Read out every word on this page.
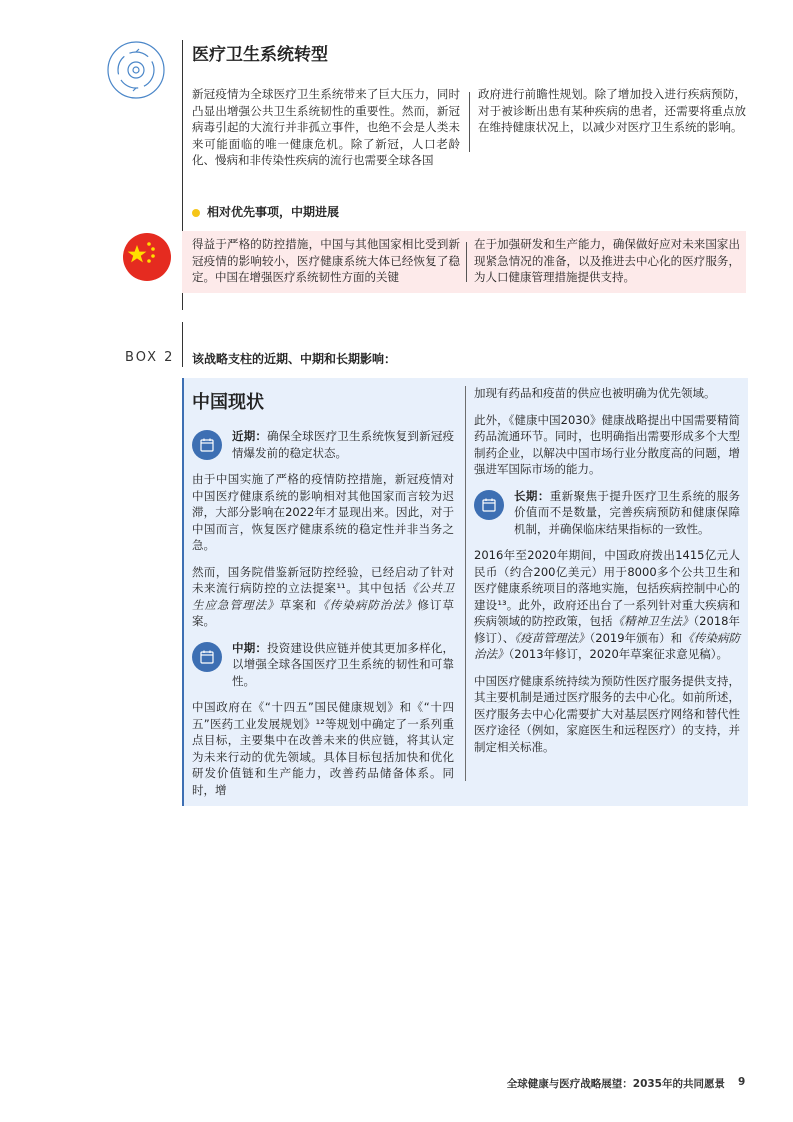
医疗卫生系统转型

新冠疫情为全球医疗卫生系统带来了巨大压力，同时凸显出增强公共卫生系统韧性的重要性。然而，新冠病毒引起的大流行并非孤立事件，也绝不会是人类未来可能面临的唯一健康危机。除了新冠，人口老龄化、慢病和非传染性疾病的流行也需要全球各国

政府进行前瞻性规划。除了增加投入进行疾病预防，对于被诊断出患有某种疾病的患者，还需要将重点放在维持健康状况上，以减少对医疗卫生系统的影响。

相对优先事项，中期进展

得益于严格的防控措施，中国与其他国家相比受到新冠疫情的影响较小，医疗健康系统大体已经恢复了稳定。中国在增强医疗系统韧性方面的关键

在于加强研发和生产能力，确保做好应对未来国家出现紧急情况的准备，以及推进去中心化的医疗服务，为人口健康管理措施提供支持。

BOX 2 该战略支柱的近期、中期和长期影响：
中国现状

近期：确保全球医疗卫生系统恢复到新冠疫情爆发前的稳定状态。

由于中国实施了严格的疫情防控措施，新冠疫情对中国医疗健康系统的影响相对其他国家而言较为迟滞，大部分影响在2022年才显现出来。因此，对于中国而言，恢复医疗健康系统的稳定性并非当务之急。

然而，国务院借鉴新冠防控经验，已经启动了针对未来流行病防控的立法提案¹¹。其中包括《公共卫生应急管理法》草案和《传染病防治法》修订草案。

中期：投资建设供应链并使其更加多样化，以增强全球各国医疗卫生系统的韧性和可靠性。

中国政府在《“十四五”国民健康规划》和《“十四五”医药工业发展规划》¹²等规划中确定了一系列重点目标，主要集中在改善未来的供应链，将其认定为未来行动的优先领域。具体目标包括加快和优化研发价值链和生产能力，改善药品储备体系。同时，增

加现有药品和疫苗的供应也被明确为优先领域。

此外，《健康中国2030》健康战略提出中国需要精简药品流通环节。同时，也明确指出需要形成多个大型制药企业，以解决中国市场行业分散度高的问题，增强进军国际市场的能力。

长期：重新聚焦于提升医疗卫生系统的服务价值而不是数量，完善疾病预防和健康保障机制，并确保临床结果指标的一致性。

2016年至2020年期间，中国政府拨出1415亿元人民币（约合200亿美元）用于8000多个公共卫生和医疗健康系统项目的落地实施，包括疾病控制中心的建设¹³。此外，政府还出台了一系列针对重大疾病和疾病领域的防控政策，包括《精神卫生法》（2018年修订）、《疫苗管理法》（2019年颁布）和《传染病防治法》（2013年修订，2020年草案征求意见稿）。

中国医疗健康系统持续为预防性医疗服务提供支持，其主要机制是通过医疗服务的去中心化。如前所述，医疗服务去中心化需要扩大对基层医疗网络和替代性医疗途径（例如，家庭医生和远程医疗）的支持，并制定相关标准。

全球健康与医疗战略展望：2035年的共同愿景 9
